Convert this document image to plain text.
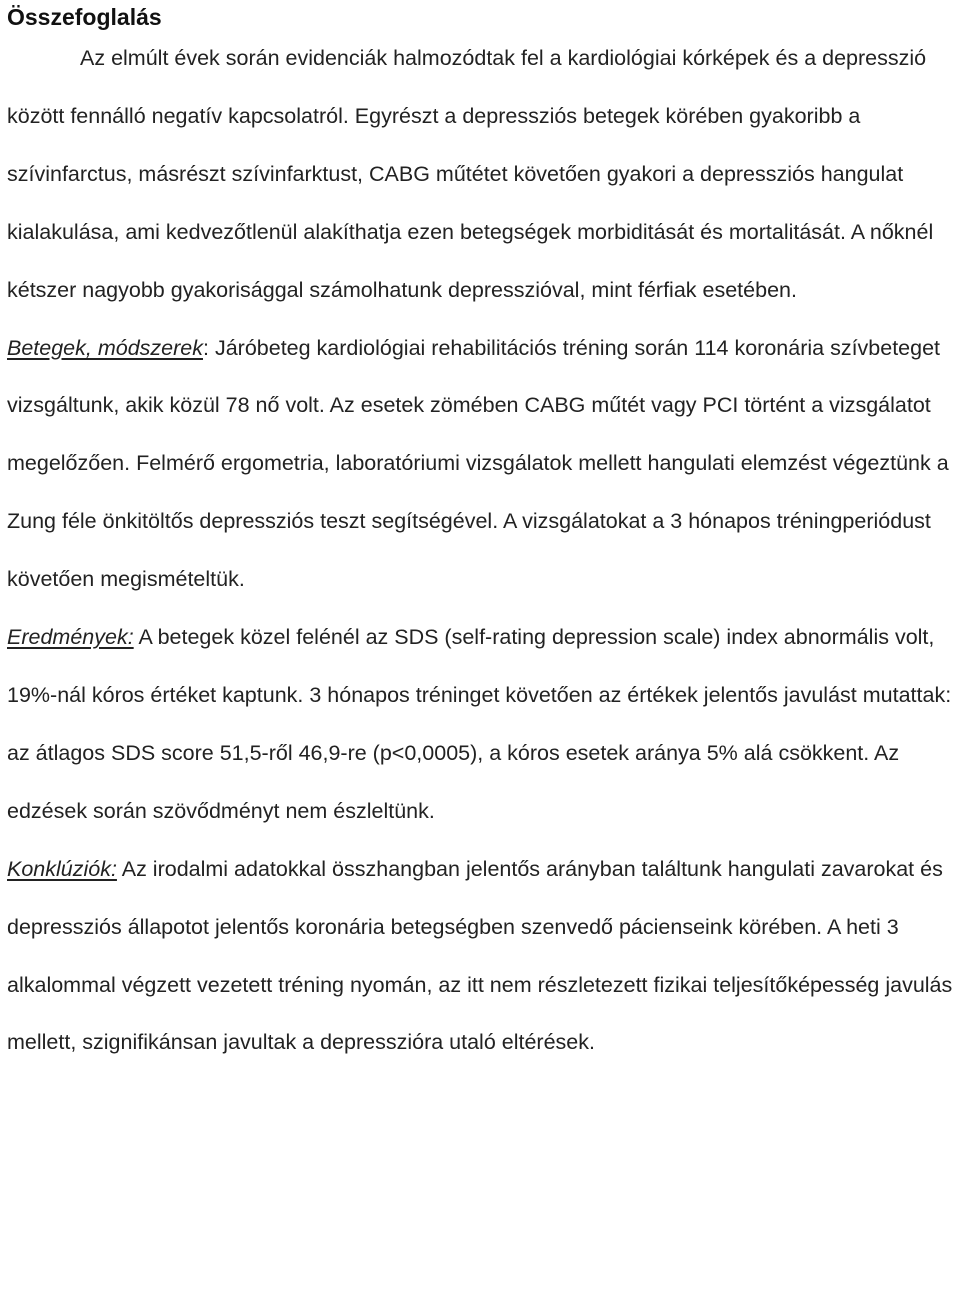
Összefoglalás

Az elmúlt évek során evidenciák halmozódtak fel a kardiológiai kórképek és a depresszió között fennálló negatív kapcsolatról. Egyrészt a depressziós betegek körében gyakoribb a szívinfarctus, másrészt szívinfarktust, CABG műtétet követően gyakori a depressziós hangulat kialakulása, ami kedvezőtlenül alakíthatja ezen betegségek morbiditását és mortalitását. A nőknél kétszer nagyobb gyakorisággal számolhatunk depresszióval, mint férfiak esetében.

Betegek, módszerek: Járóbeteg kardiológiai rehabilitációs tréning során 114 koronária szívbeteget vizsgáltunk, akik közül 78 nő volt. Az esetek zömében CABG műtét vagy PCI történt a vizsgálatot megelőzően. Felmérő ergometria, laboratóriumi vizsgálatok mellett hangulati elemzést végeztünk a Zung féle önkitöltős depressziós teszt segítségével. A vizsgálatokat a 3 hónapos tréningperiódust követően megismételtük.

Eredmények: A betegek közel felénél az SDS (self-rating depression scale) index abnormális volt, 19%-nál kóros értéket kaptunk. 3 hónapos tréninget követően az értékek jelentős javulást mutattak: az átlagos SDS score 51,5-ről 46,9-re (p<0,0005), a kóros esetek aránya 5% alá csökkent. Az edzések során szövődményt nem észleltünk.

Konklúziók: Az irodalmi adatokkal összhangban jelentős arányban találtunk hangulati zavarokat és depressziós állapotot jelentős koronária betegségben szenvedő pácienseink körében. A heti 3 alkalommal végzett vezetett tréning nyomán, az itt nem részletezett fizikai teljesítőképesség javulás mellett, szignifikánsan javultak a depresszióra utaló eltérések.
